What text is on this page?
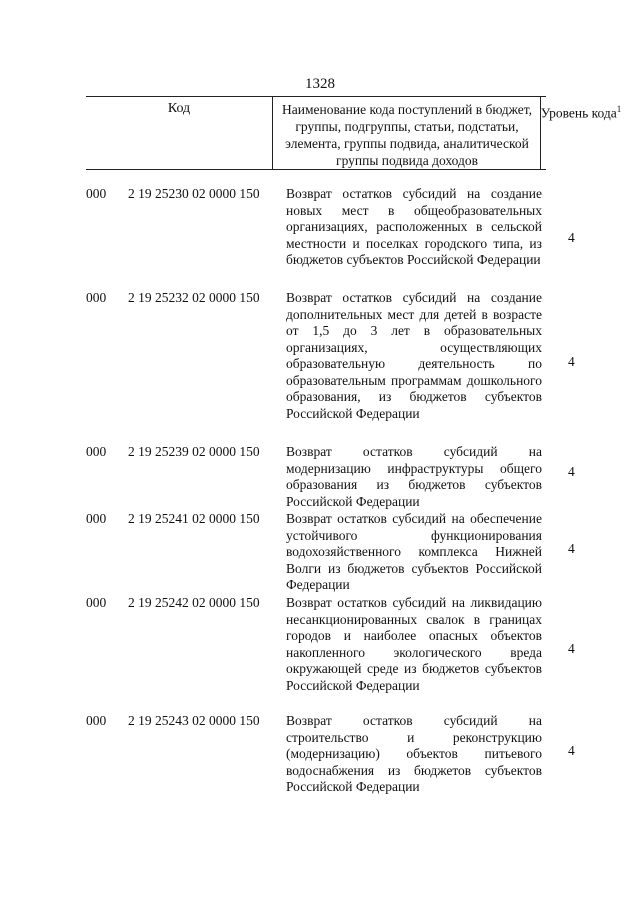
1328
Код	Наименование кода поступлений в бюджет, группы, подгруппы, статьи, подстатьи, элемента, группы подвида, аналитической группы подвида доходов
Уровень кода$^1$
000 2 19 25230 02 0000 150 Возврат остатков субсидий на создание новых мест в общеобразовательных организациях, расположенных в сельской местности и поселках городского типа, из бюджетов субъектов Российской Федерации
4
000 2 19 25232 02 0000 150 Возврат остатков субсидий на создание дополнительных мест для детей в возрасте от 1,5 до 3 лет в образовательных организациях, осуществляющих образовательную деятельность по образовательным программам дошкольного образования, из бюджетов субъектов Российской Федерации
4
000 2 19 25239 02 0000 150 Возврат остатков субсидий на модернизацию инфраструктуры общего образования из бюджетов субъектов Российской Федерации
4
000 2 19 25241 02 0000 150 Возврат остатков субсидий на обеспечение устойчивого функционирования водохозяйственного комплекса Нижней Волги из бюджетов субъектов Российской Федерации
4
000 2 19 25242 02 0000 150 Возврат остатков субсидий на ликвидацию несанкционированных свалок в границах городов и наиболее опасных объектов накопленного экологического вреда окружающей среде из бюджетов субъектов Российской Федерации
4
000 2 19 25243 02 0000 150 Возврат остатков субсидий на строительство и реконструкцию (модернизацию) объектов питьевого водоснабжения из бюджетов субъектов Российской Федерации
4
